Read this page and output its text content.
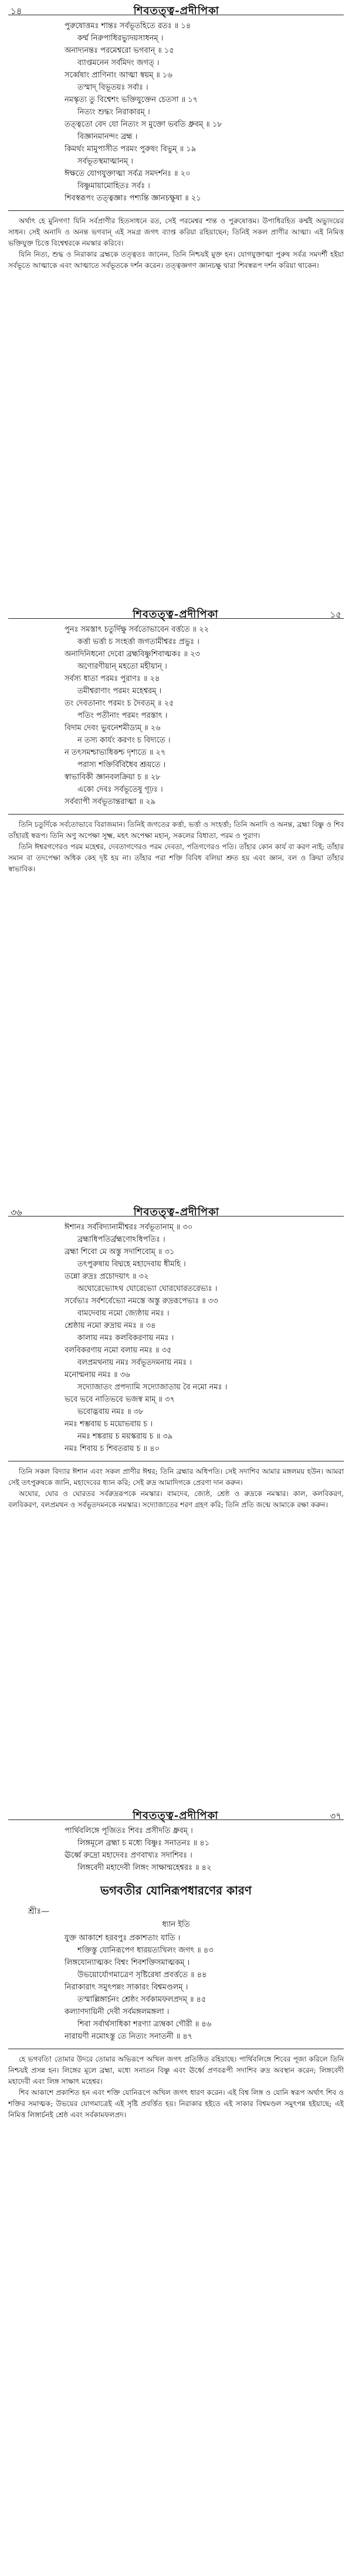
১৪	শিবতত্ত্ব-প্রদীপিকা
পুরুষোত্তমঃ শান্তঃ সর্বভূতহিতে রতঃ ॥ ১৪
কর্ম্ম নিরুপাধিরভ্যুদয়সাধনম্ ।
অনাদ্যনন্তঃ পরমেশ্বরো ভগবান্ ॥ ১৫
ব্যাপ্তমনেন সর্বমিদং জগত্ ।
সর্ব্বেষাং প্রাণিনাং আত্মা স্বয়ম্ ॥ ১৬
তস্মাদ্ বিভূতয়ঃ সর্বাঃ ।
নমস্কৃত্য তু বিশ্বেশং ভক্তিযুক্তেন চেতসা ॥ ১৭
নিত্যং শুদ্ধং নিরাকারম্ ।
তত্ত্বতো বেদ যো নিত্যং স মুক্তো ভবতি ধ্রুবম্ ॥ ১৮
বিজ্ঞানমানন্দং ব্রহ্ম ।
কিমর্থং মামুপাসীত পরমং পুরুষং বিভুম্ ॥ ১৯
সর্বভূতস্থমাত্মানম্ ।
ঈক্ষতে যোগযুক্তাত্মা সর্বত্র সমদর্শনঃ ॥ ২০
বিষ্ণুমায়ামোহিতঃ সর্বঃ ।
শিবস্বরূপং তত্ত্বজ্ঞাঃ পশ্যন্তি জ্ঞানচক্ষুষা ॥ ২১

অর্থাৎ হে মুনিগণ! যিনি সর্বপ্রাণীর হিতসাধনে রত, সেই পরমেশ্বর শান্ত ও পুরুষোত্তম। উপাধিরহিত কর্ম্মই অভ্যুদয়ের সাধন। সেই অনাদি ও অনন্ত ভগবান্ এই সমগ্র জগৎ ব্যাপ্ত করিয়া রহিয়াছেন; তিনিই সকল প্রাণীর আত্মা। এই নিমিত্ত ভক্তিযুক্ত চিত্তে বিশ্বেশ্বরকে নমস্কার করিবে।

যিনি নিত্য, শুদ্ধ ও নিরাকার ব্রহ্মকে তত্ত্বতঃ জানেন, তিনি নিশ্চয়ই মুক্ত হন। যোগযুক্তাত্মা পুরুষ সর্বত্র সমদর্শী হইয়া সর্বভূতে আত্মাকে এবং আত্মাতে সর্বভূতকে দর্শন করেন। তত্ত্বজ্ঞগণ জ্ঞানচক্ষু দ্বারা শিবস্বরূপ দর্শন করিয়া থাকেন।

শিবতত্ত্ব-প্রদীপিকা	১৫
পুনঃ সমস্তাৎ চতুর্দিক্ষু সর্বতোভাবেন বর্ত্ততে ॥ ২২
কর্ত্তা ভর্ত্তা চ সংহর্ত্তা জগতামীশ্বরঃ প্রভুঃ ।
অনাদিনিধনো দেবো ব্রহ্মবিষ্ণুশিবাত্মকঃ ॥ ২৩
অণোরণীয়ান্ মহতো মহীয়ান্ ।
সর্বস্য ধাতা পরমঃ পুরাণঃ ॥ ২৪
তমীশ্বরাণাং পরমং মহেশ্বরম্ ।
তং দেবতানাং পরমং চ দৈবতম্ ॥ ২৫
পতিং পতীনাং পরমং পরস্তাৎ ।
বিদাম দেবং ভুবনেশমীড্যম্ ॥ ২৬
ন তস্য কার্যং করণং চ বিদ্যতে ।
ন তৎসমশ্চাভ্যধিকশ্চ দৃশ্যতে ॥ ২৭
পরাস্য শক্তির্বিবিধৈব শ্রূয়তে ।
স্বাভাবিকী জ্ঞানবলক্রিয়া চ ॥ ২৮
একো দেবঃ সর্বভূতেষু গূঢ়ঃ ।
সর্বব্যাপী সর্বভূতান্তরাত্মা ॥ ২৯

তিনি চতুর্দিকে সর্বতোভাবে বিরাজমান। তিনিই জগতের কর্ত্তা, ভর্ত্তা ও সংহর্ত্তা; তিনি অনাদি ও অনন্ত, ব্রহ্মা বিষ্ণু ও শিব তাঁহারই স্বরূপ। তিনি অণু অপেক্ষা সূক্ষ্ম, মহৎ অপেক্ষা মহান্, সকলের বিধাতা, পরম ও পুরাণ।

তিনি ঈশ্বরগণেরও পরম মহেশ্বর, দেবতাগণেরও পরম দেবতা, পতিগণেরও পতি। তাঁহার কোন কার্য বা করণ নাই; তাঁহার সমান বা তদপেক্ষা অধিক কেহ দৃষ্ট হয় না। তাঁহার পরা শক্তি বিবিধ বলিয়া শ্রুত হয় এবং জ্ঞান, বল ও ক্রিয়া তাঁহার স্বাভাবিক।

৩৬	শিবতত্ত্ব-প্রদীপিকা
ঈশানঃ সর্ববিদ্যানামীশ্বরঃ সর্বভূতানাম্ ॥ ৩০
ব্রহ্মাধিপতির্ব্রহ্মণোঽধিপতিঃ ।
ব্রহ্মা শিবো মে অস্তু সদাশিবোম্ ॥ ৩১
তৎপুরুষায় বিদ্মহে মহাদেবায় ধীমহি ।
তন্নো রুদ্রঃ প্রচোদয়াৎ ॥ ৩২
অঘোরেভ্যোঽথ ঘোরেভ্যো ঘোরঘোরতরেভ্যঃ ।
সর্বেভ্যঃ সর্বশর্বেভ্যো নমস্তে অস্তু রুদ্ররূপেভ্যঃ ॥ ৩৩
বামদেবায় নমো জ্যেষ্ঠায় নমঃ ।
শ্রেষ্ঠায় নমো রুদ্রায় নমঃ ॥ ৩৪
কালায় নমঃ কলবিকরণায় নমঃ ।
বলবিকরণায় নমো বলায় নমঃ ॥ ৩৫
বলপ্রমথনায় নমঃ সর্বভূতদমনায় নমঃ ।
মনোন্মনায় নমঃ ॥ ৩৬
সদ্যোজাতং প্রপদ্যামি সদ্যোজাতায় বৈ নমো নমঃ ।
ভবে ভবে নাতিভবে ভজস্ব মাম্ ॥ ৩৭
ভবোদ্ভবায় নমঃ ॥ ৩৮
নমঃ শম্ভবায় চ ময়োভবায় চ ।
নমঃ শঙ্করায় চ ময়স্করায় চ ॥ ৩৯
নমঃ শিবায় চ শিবতরায় চ ॥ ৪০

তিনি সকল বিদ্যার ঈশান এবং সকল প্রাণীর ঈশ্বর; তিনি ব্রহ্মার অধিপতি। সেই সদাশিব আমার মঙ্গলময় হউন। আমরা সেই তৎপুরুষকে জানি, মহাদেবের ধ্যান করি; সেই রুদ্র আমাদিগকে প্রেরণা দান করুন।

অঘোর, ঘোর ও ঘোরতর সর্বরুদ্ররূপকে নমস্কার। বামদেব, জ্যেষ্ঠ, শ্রেষ্ঠ ও রুদ্রকে নমস্কার। কাল, কলবিকরণ, বলবিকরণ, বলপ্রমথন ও সর্বভূতদমনকে নমস্কার। সদ্যোজাতের শরণ গ্রহণ করি; তিনি প্রতি জন্মে আমাকে রক্ষা করুন।

শিবতত্ত্ব-প্রদীপিকা	৩৭
পার্থিবলিঙ্গে পূজিতঃ শিবঃ প্রসীদতি ধ্রুবম্ ।
লিঙ্গমূলে ব্রহ্মা চ মধ্যে বিষ্ণুঃ সনাতনঃ ॥ ৪১
ঊর্ধ্বে রুদ্রো মহাদেবঃ প্রণবাখ্যঃ সদাশিবঃ ।
লিঙ্গবেদী মহাদেবী লিঙ্গং সাক্ষান্মহেশ্বরঃ ॥ ৪২
ভগবতীর যোনিরূপধারণের কারণ
শ্রীঃ—
ধ্যান ইতি
যুক্ত আকাশে হরবপুঃ প্রকাশতাং যাতি ।
শক্তিস্তু যোনিরূপেণ ধারয়ত্যখিলং জগৎ ॥ ৪৩
লিঙ্গযোন্যাত্মকং বিশ্বং শিবশক্তিসমাত্মকম্ ।
উভয়োর্যোগমাত্রেণ সৃষ্টিরেষা প্রবর্ত্ততে ॥ ৪৪
নিরাকারাৎ সমুৎপন্নং সাকারং বিশ্বমণ্ডলম্ ।
তস্মাল্লিঙ্গার্চনং শ্রেষ্ঠং সর্বকামফলপ্রদম্ ॥ ৪৫
কল্যাণদায়িনী দেবী সর্বমঙ্গলমঙ্গলা ।
শিবা সর্বার্থসাধিকা শরণ্যা ত্র্যম্বকা গৌরী ॥ ৪৬
নারায়ণী নমোঽস্তু তে নিত্যং সনাতনী ॥ ৪৭

হে ভগবতি! তোমার উদরে তোমার অভিরূপে অখিল জগৎ প্রতিষ্ঠিত রহিয়াছে। পার্থিবলিঙ্গে শিবের পূজা করিলে তিনি নিশ্চয়ই প্রসন্ন হন। লিঙ্গের মূলে ব্রহ্মা, মধ্যে সনাতন বিষ্ণু এবং ঊর্ধ্বে প্রণবরূপী সদাশিব রুদ্র অবস্থান করেন; লিঙ্গবেদী মহাদেবী এবং লিঙ্গ সাক্ষাৎ মহেশ্বর।

শিব আকাশে প্রকাশিত হন এবং শক্তি যোনিরূপে অখিল জগৎ ধারণ করেন। এই বিশ্ব লিঙ্গ ও যোনি স্বরূপ অর্থাৎ শিব ও শক্তির সমাত্মক; উভয়ের যোগমাত্রেই এই সৃষ্টি প্রবর্ত্তিত হয়। নিরাকার হইতে এই সাকার বিশ্বমণ্ডল সমুৎপন্ন হইয়াছে; এই নিমিত্ত লিঙ্গার্চনই শ্রেষ্ঠ এবং সর্বকামফলপ্রদ।
